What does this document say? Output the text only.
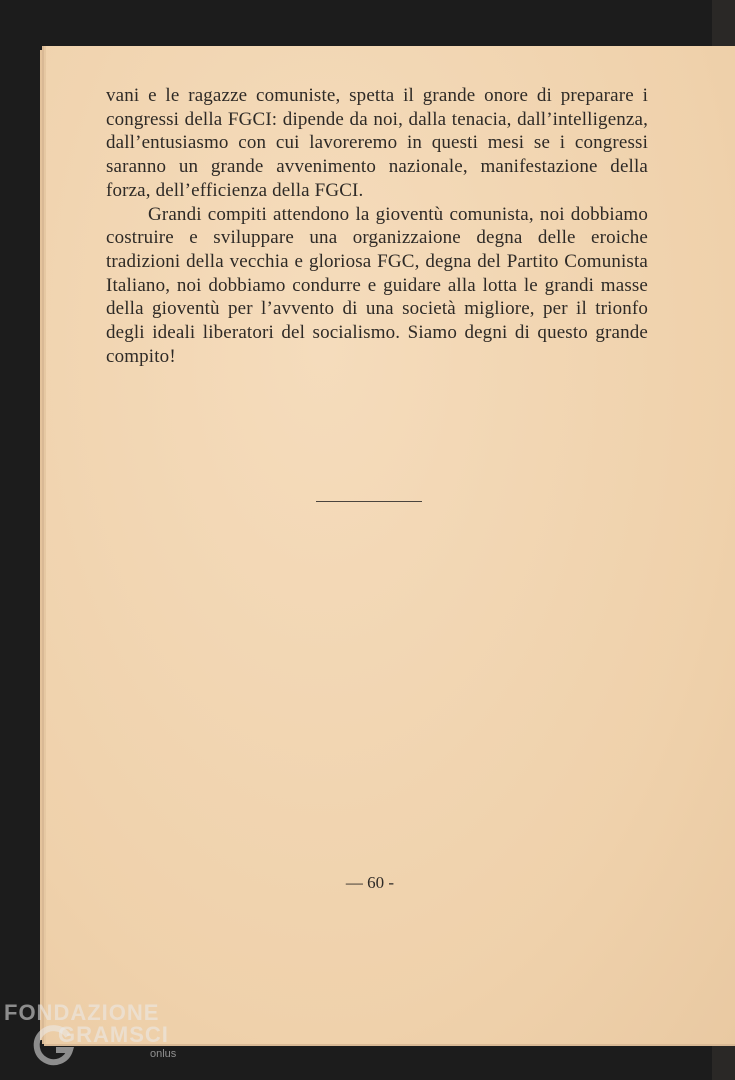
vani e le ragazze comuniste, spetta il grande onore di preparare i congressi della FGCI: dipende da noi, dalla tenacia, dall’intelligenza, dall’entusiasmo con cui lavoreremo in questi mesi se i congressi saranno un grande avvenimento nazionale, manifestazione della forza, dell’efficienza della FGCI.

Grandi compiti attendono la gioventù comunista, noi dobbiamo costruire e sviluppare una organizzaione degna delle eroiche tradizioni della vecchia e gloriosa FGC, degna del Partito Comunista Italiano, noi dobbiamo condurre e guidare alla lotta le grandi masse della gioventù per l’avvento di una società migliore, per il trionfo degli ideali liberatori del socialismo. Siamo degni di questo grande compito!

— 60 -
FONDAZIONE
GRAMSCI
onlus
